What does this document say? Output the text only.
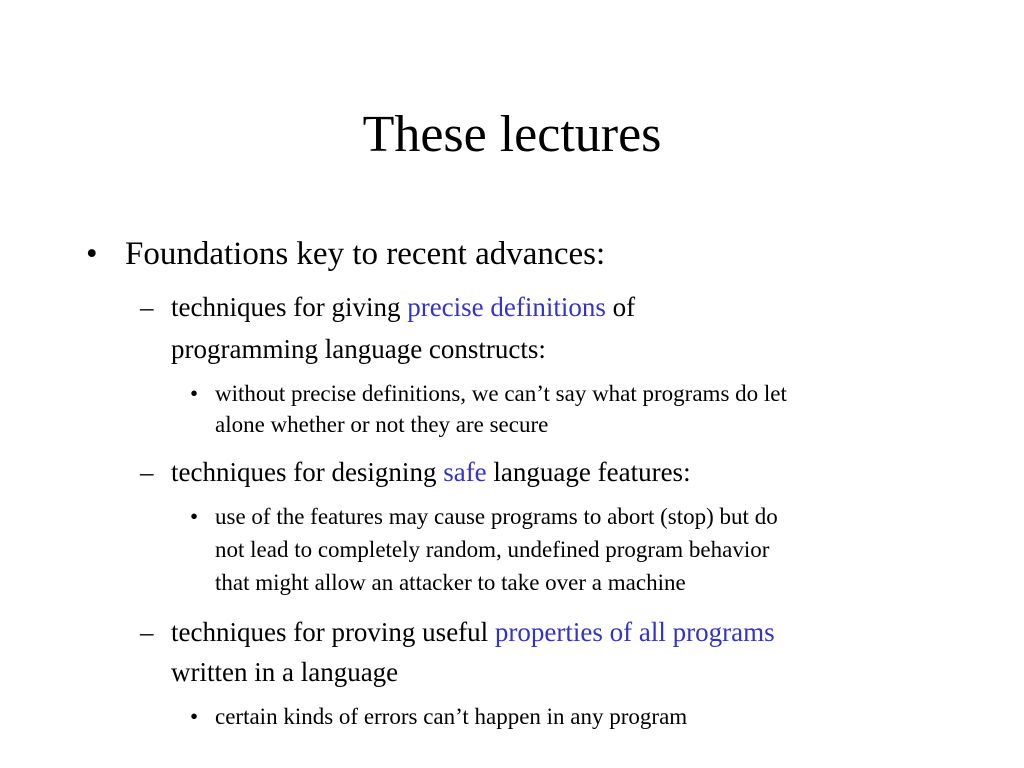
These lectures
• Foundations key to recent advances:
– techniques for giving precise definitions of
programming language constructs:
• without precise definitions, we can’t say what programs do let
alone whether or not they are secure
– techniques for designing safe language features:
• use of the features may cause programs to abort (stop) but do
not lead to completely random, undefined program behavior
that might allow an attacker to take over a machine
– techniques for proving useful properties of all programs
written in a language
• certain kinds of errors can’t happen in any program
